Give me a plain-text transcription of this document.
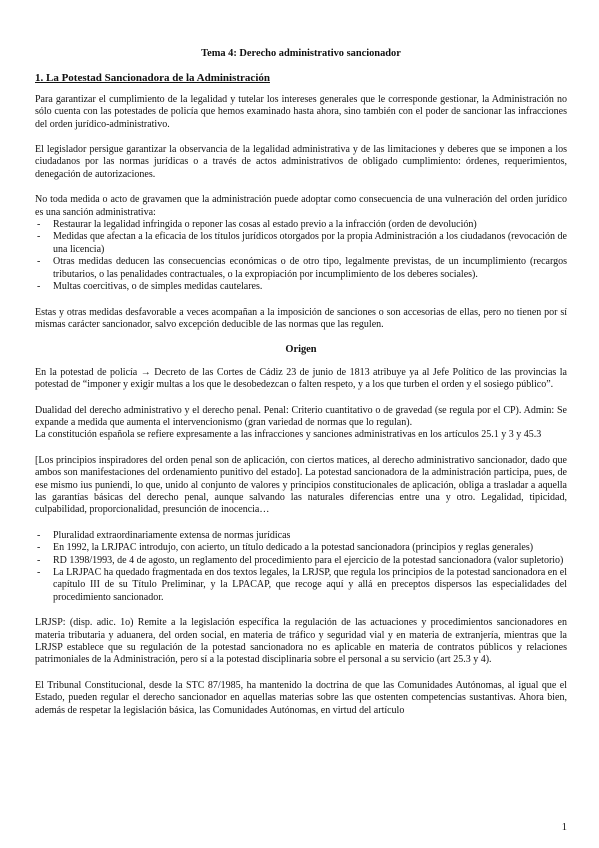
Tema 4: Derecho administrativo sancionador
1. La Potestad Sancionadora de la Administración

Para garantizar el cumplimiento de la legalidad y tutelar los intereses generales que le corresponde gestionar, la Administración no sólo cuenta con las potestades de policía que hemos examinado hasta ahora, sino también con el poder de sancionar las infracciones del orden jurídico-administrativo.

El legislador persigue garantizar la observancia de la legalidad administrativa y de las limitaciones y deberes que se imponen a los ciudadanos por las normas jurídicas o a través de actos administrativos de obligado cumplimiento: órdenes, requerimientos, denegación de autorizaciones.

No toda medida o acto de gravamen que la administración puede adoptar como consecuencia de una vulneración del orden jurídico es una sanción administrativa:

- Restaurar la legalidad infringida o reponer las cosas al estado previo a la infracción (orden de devolución)
- Medidas que afectan a la eficacia de los títulos jurídicos otorgados por la propia Administración a los ciudadanos (revocación de una licencia)
- Otras medidas deducen las consecuencias económicas o de otro tipo, legalmente previstas, de un incumplimiento (recargos tributarios, o las penalidades contractuales, o la expropiación por incumplimiento de los deberes sociales).
- Multas coercitivas, o de simples medidas cautelares.

Estas y otras medidas desfavorable a veces acompañan a la imposición de sanciones o son accesorias de ellas, pero no tienen por sí mismas carácter sancionador, salvo excepción deducible de las normas que las regulen.

Origen

En la potestad de policía → Decreto de las Cortes de Cádiz 23 de junio de 1813 atribuye ya al Jefe Político de las provincias la potestad de “imponer y exigir multas a los que le desobedezcan o falten respeto, y a los que turben el orden y el sosiego público”.

Dualidad del derecho administrativo y el derecho penal. Penal: Criterio cuantitativo o de gravedad (se regula por el CP). Admin: Se expande a medida que aumenta el intervencionismo (gran variedad de normas que lo regulan).

La constitución española se refiere expresamente a las infracciones y sanciones administrativas en los artículos 25.1 y 3 y 45.3

[Los principios inspiradores del orden penal son de aplicación, con ciertos matices, al derecho administrativo sancionador, dado que ambos son manifestaciones del ordenamiento punitivo del estado]. La potestad sancionadora de la administración participa, pues, de ese mismo ius puniendi, lo que, unido al conjunto de valores y principios constitucionales de aplicación, obliga a trasladar a aquella las garantías básicas del derecho penal, aunque salvando las naturales diferencias entre una y otro. Legalidad, tipicidad, culpabilidad, proporcionalidad, presunción de inocencia…

- Pluralidad extraordinariamente extensa de normas jurídicas
- En 1992, la LRJPAC introdujo, con acierto, un título dedicado a la potestad sancionadora (principios y reglas generales)
- RD 1398/1993, de 4 de agosto, un reglamento del procedimiento para el ejercicio de la potestad sancionadora (valor supletorio)
- La LRJPAC ha quedado fragmentada en dos textos legales, la LRJSP, que regula los principios de la potestad sancionadora en el capítulo III de su Título Preliminar, y la LPACAP, que recoge aquí y allá en preceptos dispersos las especialidades del procedimiento sancionador.

LRJSP: (disp. adic. 1o) Remite a la legislación específica la regulación de las actuaciones y procedimientos sancionadores en materia tributaria y aduanera, del orden social, en materia de tráfico y seguridad vial y en materia de extranjería, mientras que la LRJSP establece que su regulación de la potestad sancionadora no es aplicable en materia de contratos públicos y relaciones patrimoniales de la Administración, pero sí a la potestad disciplinaria sobre el personal a su servicio (art 25.3 y 4).

El Tribunal Constitucional, desde la STC 87/1985, ha mantenido la doctrina de que las Comunidades Autónomas, al igual que el Estado, pueden regular el derecho sancionador en aquellas materias sobre las que ostenten competencias sustantivas. Ahora bien, además de respetar la legislación básica, las Comunidades Autónomas, en virtud del artículo

1
